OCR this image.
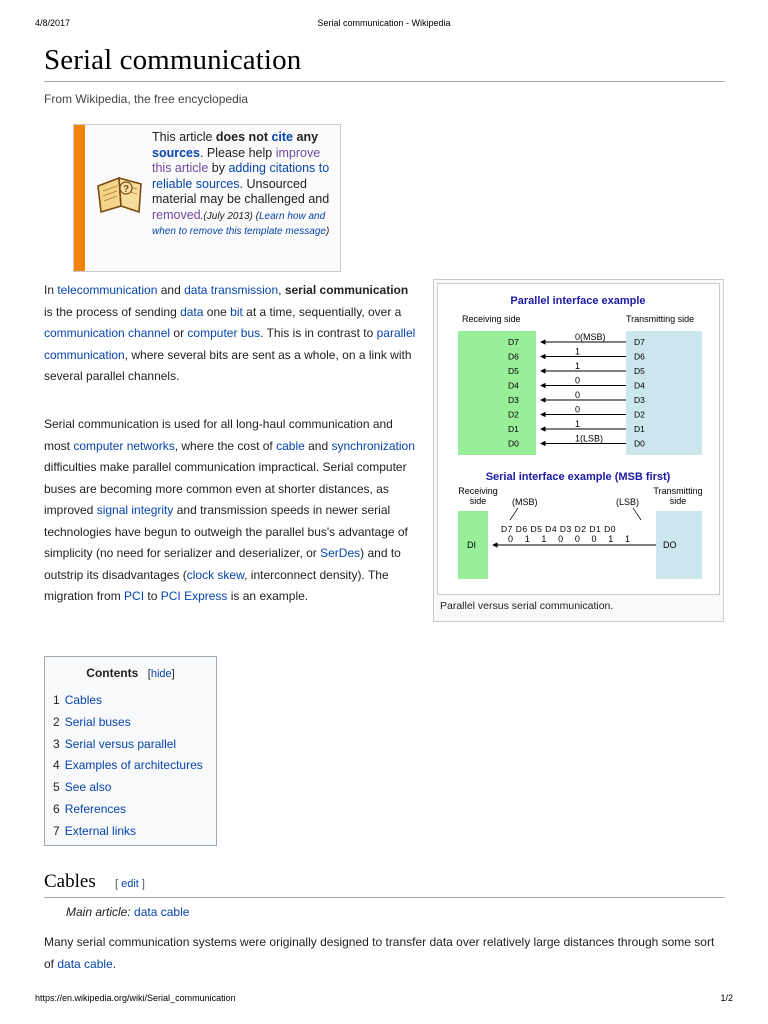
4/8/2017	Serial communication - Wikipedia
Serial communication
From Wikipedia, the free encyclopedia
?
This article does not cite any sources. Please help improve this article by adding citations to reliable sources. Unsourced material may be challenged and removed.(July 2013) (Learn how and when to remove this template message)
In telecommunication and data transmission, serial communication is the process of sending data one bit at a time, sequentially, over a communication channel or computer bus. This is in contrast to parallel communication, where several bits are sent as a whole, on a link with several parallel channels.
Serial communication is used for all long-haul communication and most computer networks, where the cost of cable and synchronization difficulties make parallel communication impractical. Serial computer buses are becoming more common even at shorter distances, as improved signal integrity and transmission speeds in newer serial technologies have begun to outweigh the parallel bus's advantage of simplicity (no need for serializer and deserializer, or SerDes) and to outstrip its disadvantages (clock skew, interconnect density). The migration from PCI to PCI Express is an example.
Parallel interface example
Receiving side	Transmitting side
D7	D7
0(MSB)
D6	D6
1
D5	D5
1
D4	D4
0
D3	D3
0
D2	D2
0
D1	D1
1
D0	D0
1(LSB)
Serial interface example (MSB first)
Receiving
side
Transmitting
side
(MSB)	(LSB)
DI	DO
D7 D6 D5 D4 D3 D2 D1 D0
0 1 1 0 0 0 1 1
Parallel versus serial communication.
Contents [hide]
1 Cables
2 Serial buses
3 Serial versus parallel
4 Examples of architectures
5 See also
6 References
7 External links
Cables [ edit ]
Main article: data cable
Many serial communication systems were originally designed to transfer data over relatively large distances through some sort of data cable.
https://en.wikipedia.org/wiki/Serial_communication	1/2
